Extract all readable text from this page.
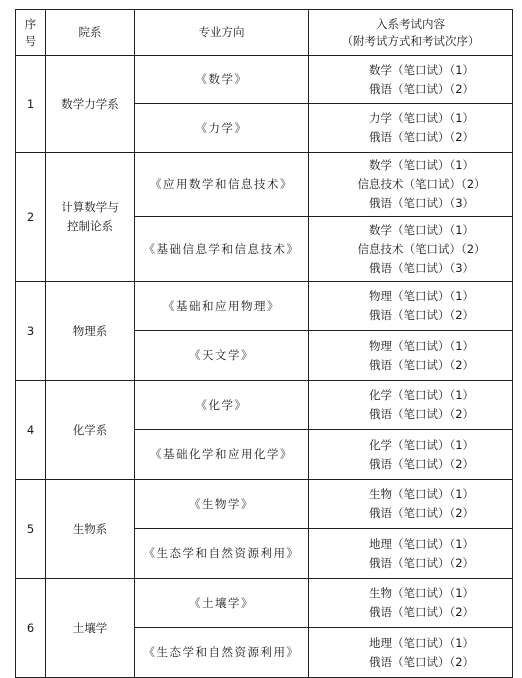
序
号	院系	专业方向	入系考试内容
（附考试方式和考试次序）

1	数学力学系	《数学》	数学（笔口试）（1）
俄语（笔口试）（2）

		《力学》	力学（笔口试）（1）
俄语（笔口试）（2）

2	计算数学与
控制论系	《应用数学和信息技术》	数学（笔口试）（1）
信息技术（笔口试）（2）
俄语（笔口试）（3）

		《基础信息学和信息技术》	数学（笔口试）（1）
信息技术（笔口试）（2）
俄语（笔口试）（3）

3	物理系	《基础和应用物理》	物理（笔口试）（1）
俄语（笔口试）（2）

		《天文学》	物理（笔口试）（1）
俄语（笔口试）（2）

4	化学系	《化学》	化学（笔口试）（1）
俄语（笔口试）（2）

		《基础化学和应用化学》	化学（笔口试）（1）
俄语（笔口试）（2）

5	生物系	《生物学》	生物（笔口试）（1）
俄语（笔口试）（2）

		《生态学和自然资源利用》	地理（笔口试）（1）
俄语（笔口试）（2）

6	土壤学	《土壤学》	生物（笔口试）（1）
俄语（笔口试）（2）

		《生态学和自然资源利用》	地理（笔口试）（1）
俄语（笔口试）（2）
